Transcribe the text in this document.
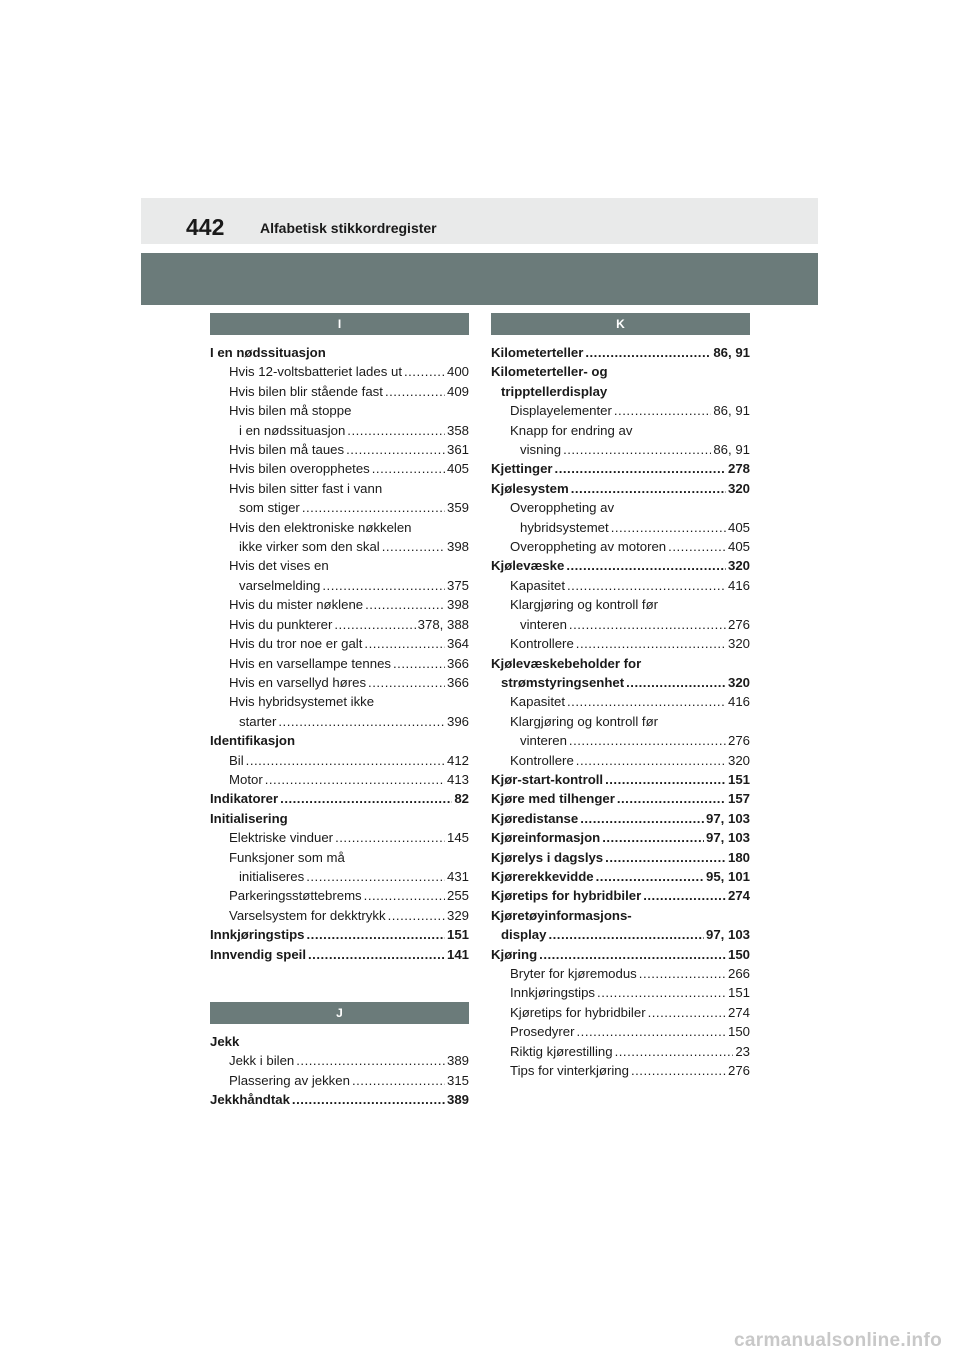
442	Alfabetisk stikkordregister
I
I en nødssituasjon
Hvis 12-voltsbatteriet lades ut .....	400
Hvis bilen blir stående fast .....	409
Hvis bilen må stoppe
i en nødssituasjon .....	358
Hvis bilen må taues .....	361
Hvis bilen overopphetes .....	405
Hvis bilen sitter fast i vann
som stiger .....	359
Hvis den elektroniske nøkkelen
ikke virker som den skal .....	398
Hvis det vises en
varselmelding .....	375
Hvis du mister nøklene .....	398
Hvis du punkterer .....	378, 388
Hvis du tror noe er galt .....	364
Hvis en varsellampe tennes .....	366
Hvis en varsellyd høres .....	366
Hvis hybridsystemet ikke
starter .....	396
Identifikasjon
Bil .....	412
Motor .....	413
Indikatorer .....	82
Initialisering
Elektriske vinduer .....	145
Funksjoner som må
initialiseres .....	431
Parkeringsstøttebrems .....	255
Varselsystem for dekktrykk .....	329
Innkjøringstips .....	151
Innvendig speil .....	141
J
Jekk
Jekk i bilen .....	389
Plassering av jekken .....	315
Jekkhåndtak .....	389
K
Kilometerteller .....	86, 91
Kilometerteller- og
tripptellerdisplay
Displayelementer .....	86, 91
Knapp for endring av
visning .....	86, 91
Kjettinger .....	278
Kjølesystem .....	320
Overoppheting av
hybridsystemet .....	405
Overoppheting av motoren .....	405
Kjølevæske .....	320
Kapasitet .....	416
Klargjøring og kontroll før
vinteren .....	276
Kontrollere .....	320
Kjølevæskebeholder for
strømstyringsenhet .....	320
Kapasitet .....	416
Klargjøring og kontroll før
vinteren .....	276
Kontrollere .....	320
Kjør-start-kontroll .....	151
Kjøre med tilhenger .....	157
Kjøredistanse .....	97, 103
Kjøreinformasjon .....	97, 103
Kjørelys i dagslys .....	180
Kjørerekkevidde .....	95, 101
Kjøretips for hybridbiler .....	274
Kjøretøyinformasjons-
display .....	97, 103
Kjøring .....	150
Bryter for kjøremodus .....	266
Innkjøringstips .....	151
Kjøretips for hybridbiler .....	274
Prosedyrer .....	150
Riktig kjørestilling .....	23
Tips for vinterkjøring .....	276
carmanualsonline.info
